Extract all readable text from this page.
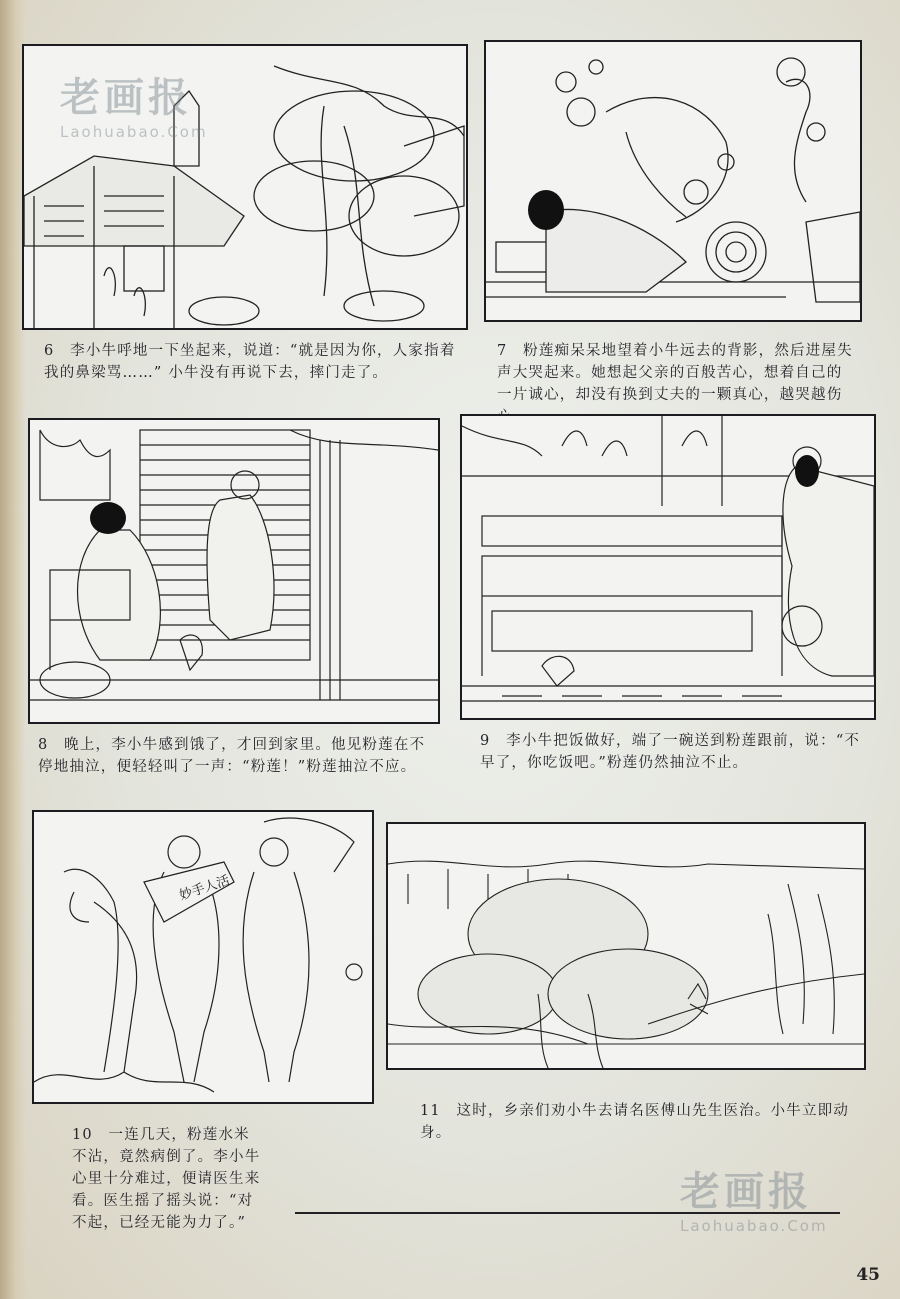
6　李小牛呼地一下坐起来，说道：“就是因为你，人家指着我的鼻梁骂……” 小牛没有再说下去，摔门走了。

7　粉莲痴呆呆地望着小牛远去的背影，然后进屋失声大哭起来。她想起父亲的百般苦心，想着自己的一片诚心，却没有换到丈夫的一颗真心，越哭越伤

8　晚上，李小牛感到饿了，才回到家里。他见粉莲在不停地抽泣，便轻轻叫了一声：“粉莲！”粉莲抽泣不应。

9　李小牛把饭做好，端了一碗送到粉莲跟前，说：“不早了，你吃饭吧。”粉莲仍然抽泣不止。

妙手人活

10　一连几天，粉莲水米不沾，竟然病倒了。李小牛心里十分难过，便请医生来看。医生摇了摇头说：“对不起，已经无能为力了。”

11　这时，乡亲们劝小牛去请名医傅山先生医治。小牛立即动身。

老画报
Laohuabao.Com
老画报
Laohuabao.Com
45
